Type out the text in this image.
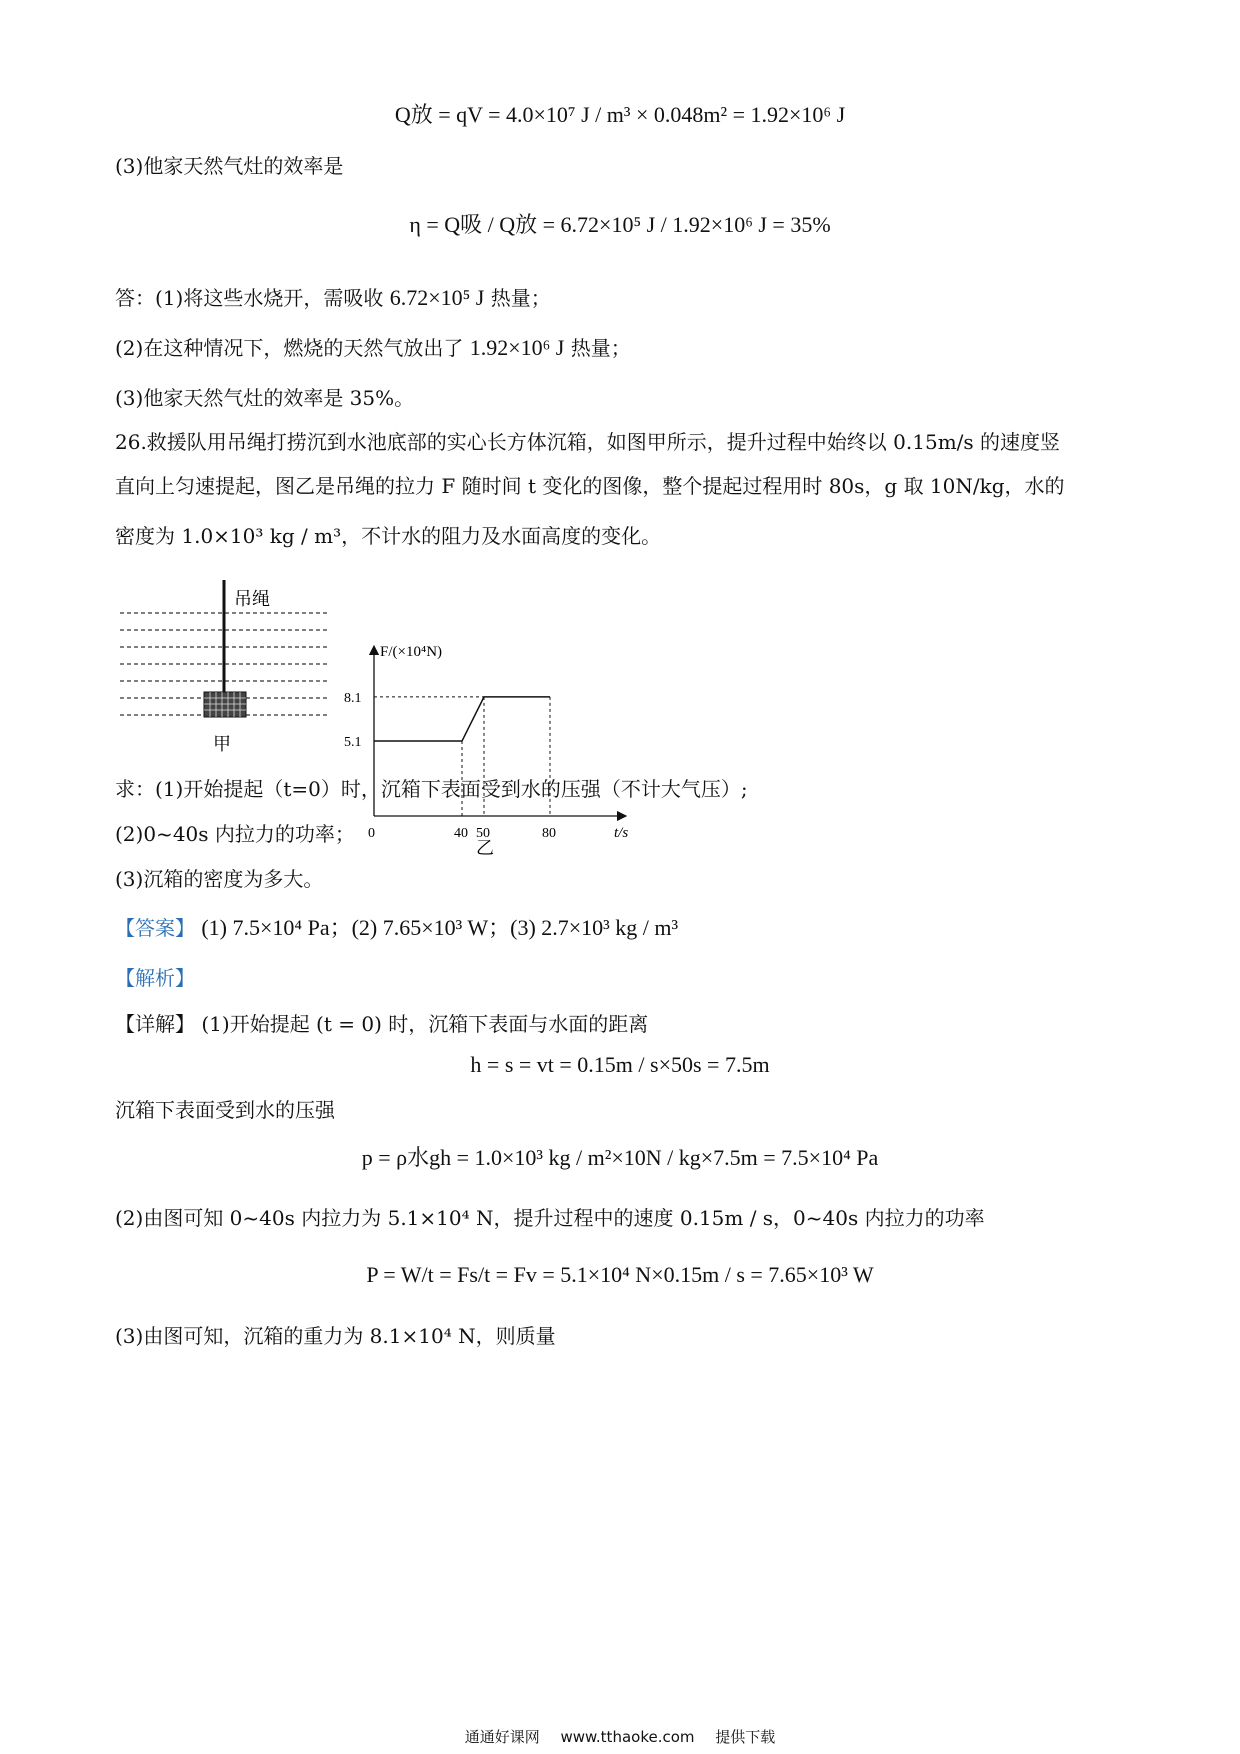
Q放 = qV = 4.0×10⁷ J / m³ × 0.048m² = 1.92×10⁶ J
(3)他家天然气灶的效率是
η = Q吸 / Q放 = 6.72×10⁵ J / 1.92×10⁶ J = 35%
答：(1)将这些水烧开，需吸收 6.72×10⁵ J 热量；
(2)在这种情况下，燃烧的天然气放出了 1.92×10⁶ J 热量；
(3)他家天然气灶的效率是 35%。
26.救援队用吊绳打捞沉到水池底部的实心长方体沉箱，如图甲所示，提升过程中始终以 0.15m/s 的速度竖
直向上匀速提起，图乙是吊绳的拉力 F 随时间 t 变化的图像，整个提起过程用时 80s，g 取 10N/kg，水的
密度为 1.0×10³ kg / m³，不计水的阻力及水面高度的变化。
吊绳
甲
F/(×10⁴N)
t/s
0	40 50	80
5.1
8.1
乙
求：(1)开始提起（t=0）时，沉箱下表面受到水的压强（不计大气压）;
(2)0~40s 内拉力的功率；
(3)沉箱的密度为多大。
【答案】 (1) 7.5×10⁴ Pa；(2) 7.65×10³ W；(3) 2.7×10³ kg / m³
【解析】
【详解】 (1)开始提起 (t = 0) 时，沉箱下表面与水面的距离
h = s = vt = 0.15m / s×50s = 7.5m
沉箱下表面受到水的压强
p = ρ水gh = 1.0×10³ kg / m²×10N / kg×7.5m = 7.5×10⁴ Pa
(2)由图可知 0~40s 内拉力为 5.1×10⁴ N，提升过程中的速度 0.15m / s，0~40s 内拉力的功率
P = W/t = Fs/t = Fv = 5.1×10⁴ N×0.15m / s = 7.65×10³ W
(3)由图可知，沉箱的重力为 8.1×10⁴ N，则质量
通通好课网 www.tthaoke.com 提供下载
